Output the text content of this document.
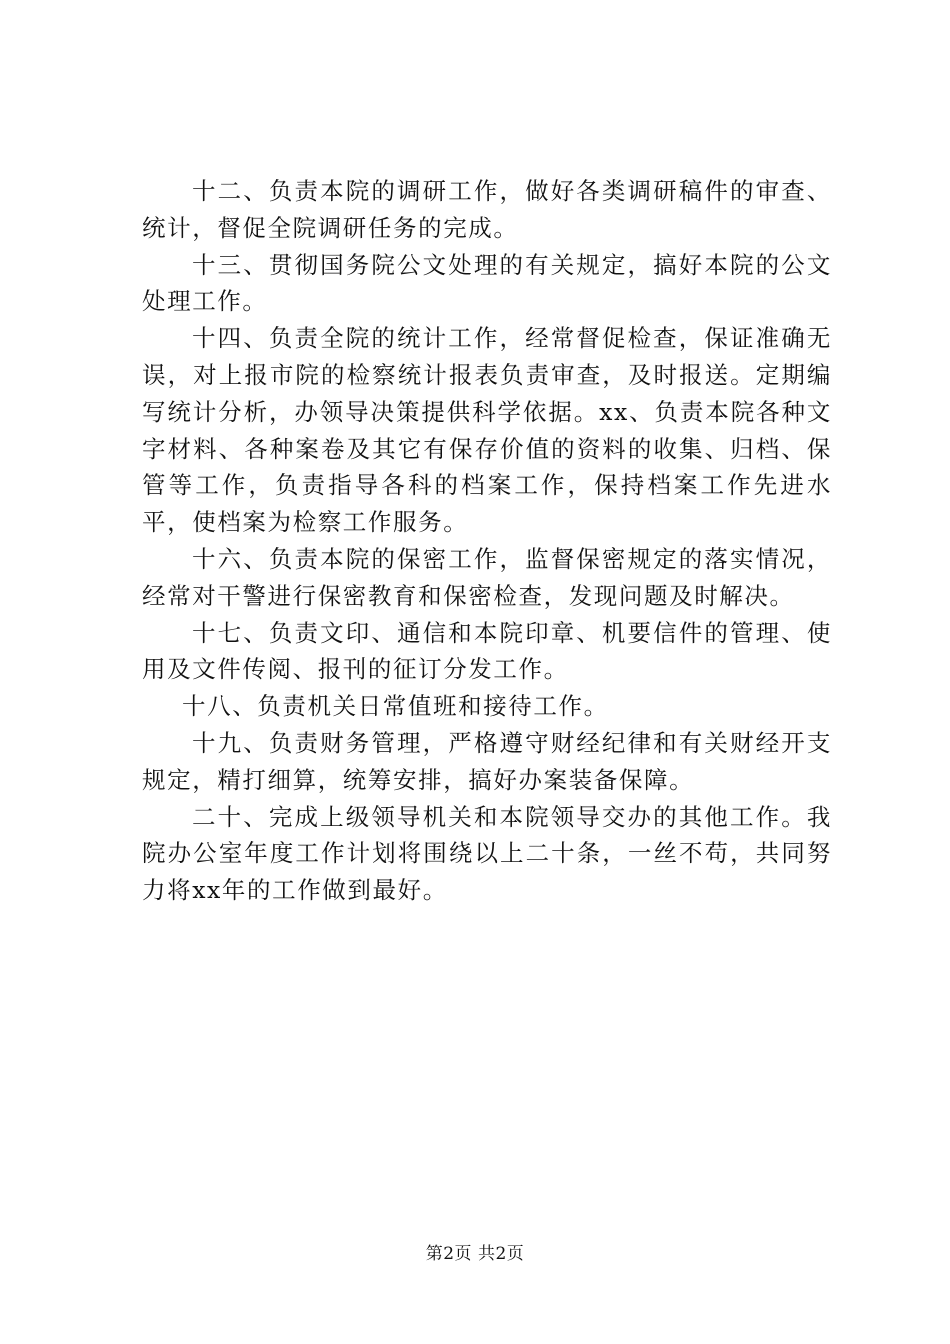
十二、负责本院的调研工作，做好各类调研稿件的审查、统计，督促全院调研任务的完成。

十三、贯彻国务院公文处理的有关规定，搞好本院的公文处理工作。

十四、负责全院的统计工作，经常督促检查，保证准确无误，对上报市院的检察统计报表负责审查，及时报送。定期编写统计分析，办领导决策提供科学依据。xx、负责本院各种文字材料、各种案卷及其它有保存价值的资料的收集、归档、保管等工作，负责指导各科的档案工作，保持档案工作先进水平，使档案为检察工作服务。

十六、负责本院的保密工作，监督保密规定的落实情况，经常对干警进行保密教育和保密检查，发现问题及时解决。

十七、负责文印、通信和本院印章、机要信件的管理、使用及文件传阅、报刊的征订分发工作。

十八、负责机关日常值班和接待工作。

十九、负责财务管理，严格遵守财经纪律和有关财经开支规定，精打细算，统筹安排，搞好办案装备保障。

二十、完成上级领导机关和本院领导交办的其他工作。我院办公室年度工作计划将围绕以上二十条，一丝不苟，共同努力将xx年的工作做到最好。

第2页 共2页
